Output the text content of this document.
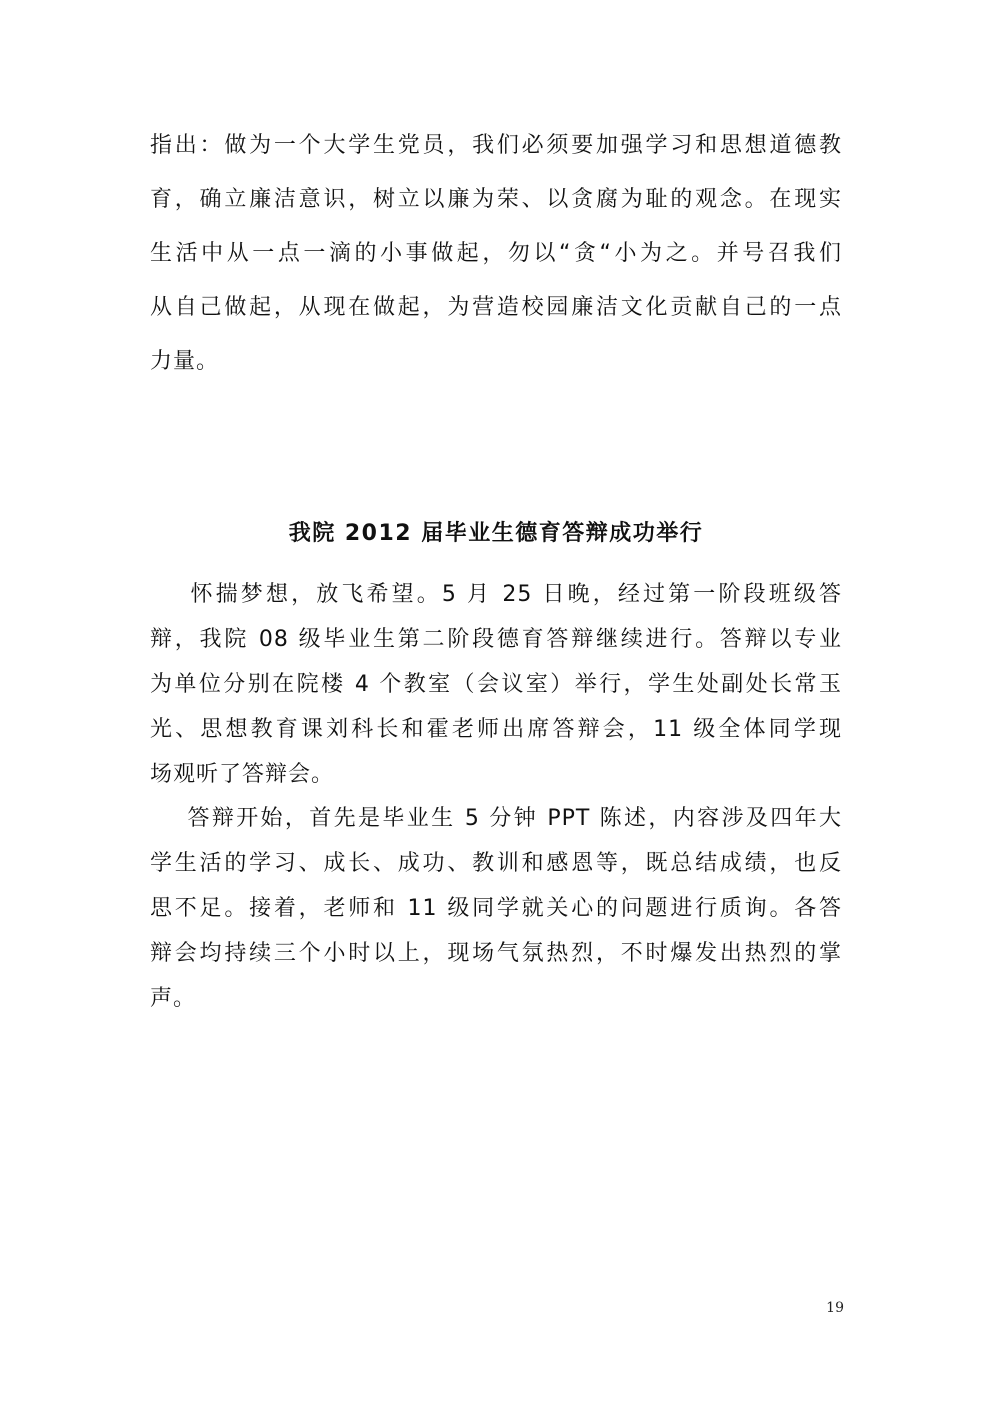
指出：做为一个大学生党员，我们必须要加强学习和思想道德教
育，确立廉洁意识，树立以廉为荣、以贪腐为耻的观念。在现实
生活中从一点一滴的小事做起，勿以“贪“小为之。并号召我们
从自己做起，从现在做起，为营造校园廉洁文化贡献自己的一点
力量。
我院 2012 届毕业生德育答辩成功举行
怀揣梦想，放飞希望。5 月 25 日晚，经过第一阶段班级答
辩，我院 08 级毕业生第二阶段德育答辩继续进行。答辩以专业
为单位分别在院楼 4 个教室（会议室）举行，学生处副处长常玉
光、思想教育课刘科长和霍老师出席答辩会，11 级全体同学现
场观听了答辩会。
答辩开始，首先是毕业生 5 分钟 PPT 陈述，内容涉及四年大
学生活的学习、成长、成功、教训和感恩等，既总结成绩，也反
思不足。接着，老师和 11 级同学就关心的问题进行质询。各答
辩会均持续三个小时以上，现场气氛热烈，不时爆发出热烈的掌
声。
19
